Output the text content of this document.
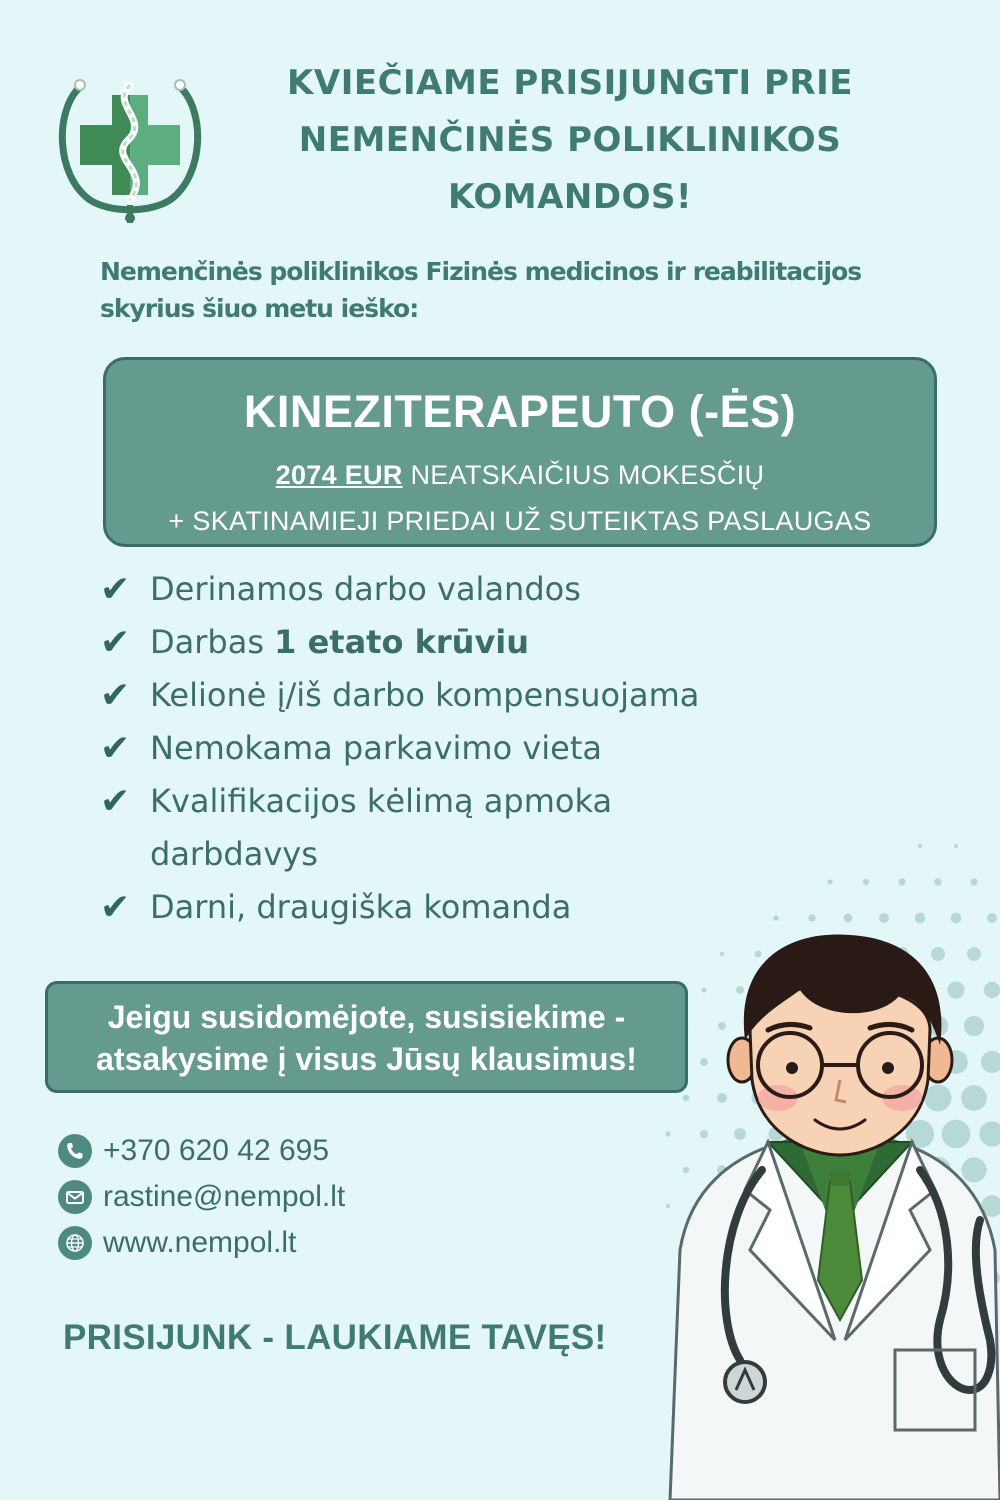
KVIEČIAME PRISIJUNGTI PRIE
NEMENČINĖS POLIKLINIKOS
KOMANDOS!
Nemenčinės poliklinikos Fizinės medicinos ir reabilitacijos
skyrius šiuo metu ieško:
KINEZITERAPEUTO (-ĖS)
2074 EUR NEATSKAIČIUS MOKESČIŲ
+ SKATINAMIEJI PRIEDAI UŽ SUTEIKTAS PASLAUGAS
✔ Derinamos darbo valandos
✔ Darbas 1 etato krūviu
✔ Kelionė į/iš darbo kompensuojama
✔ Nemokama parkavimo vieta
✔ Kvalifikacijos kėlimą apmoka darbdavys
✔ Darni, draugiška komanda
Jeigu susidomėjote, susisiekime -
atsakysime į visus Jūsų klausimus!
+370 620 42 695
rastine@nempol.lt
www.nempol.lt
PRISIJUNK - LAUKIAME TAVĘS!
